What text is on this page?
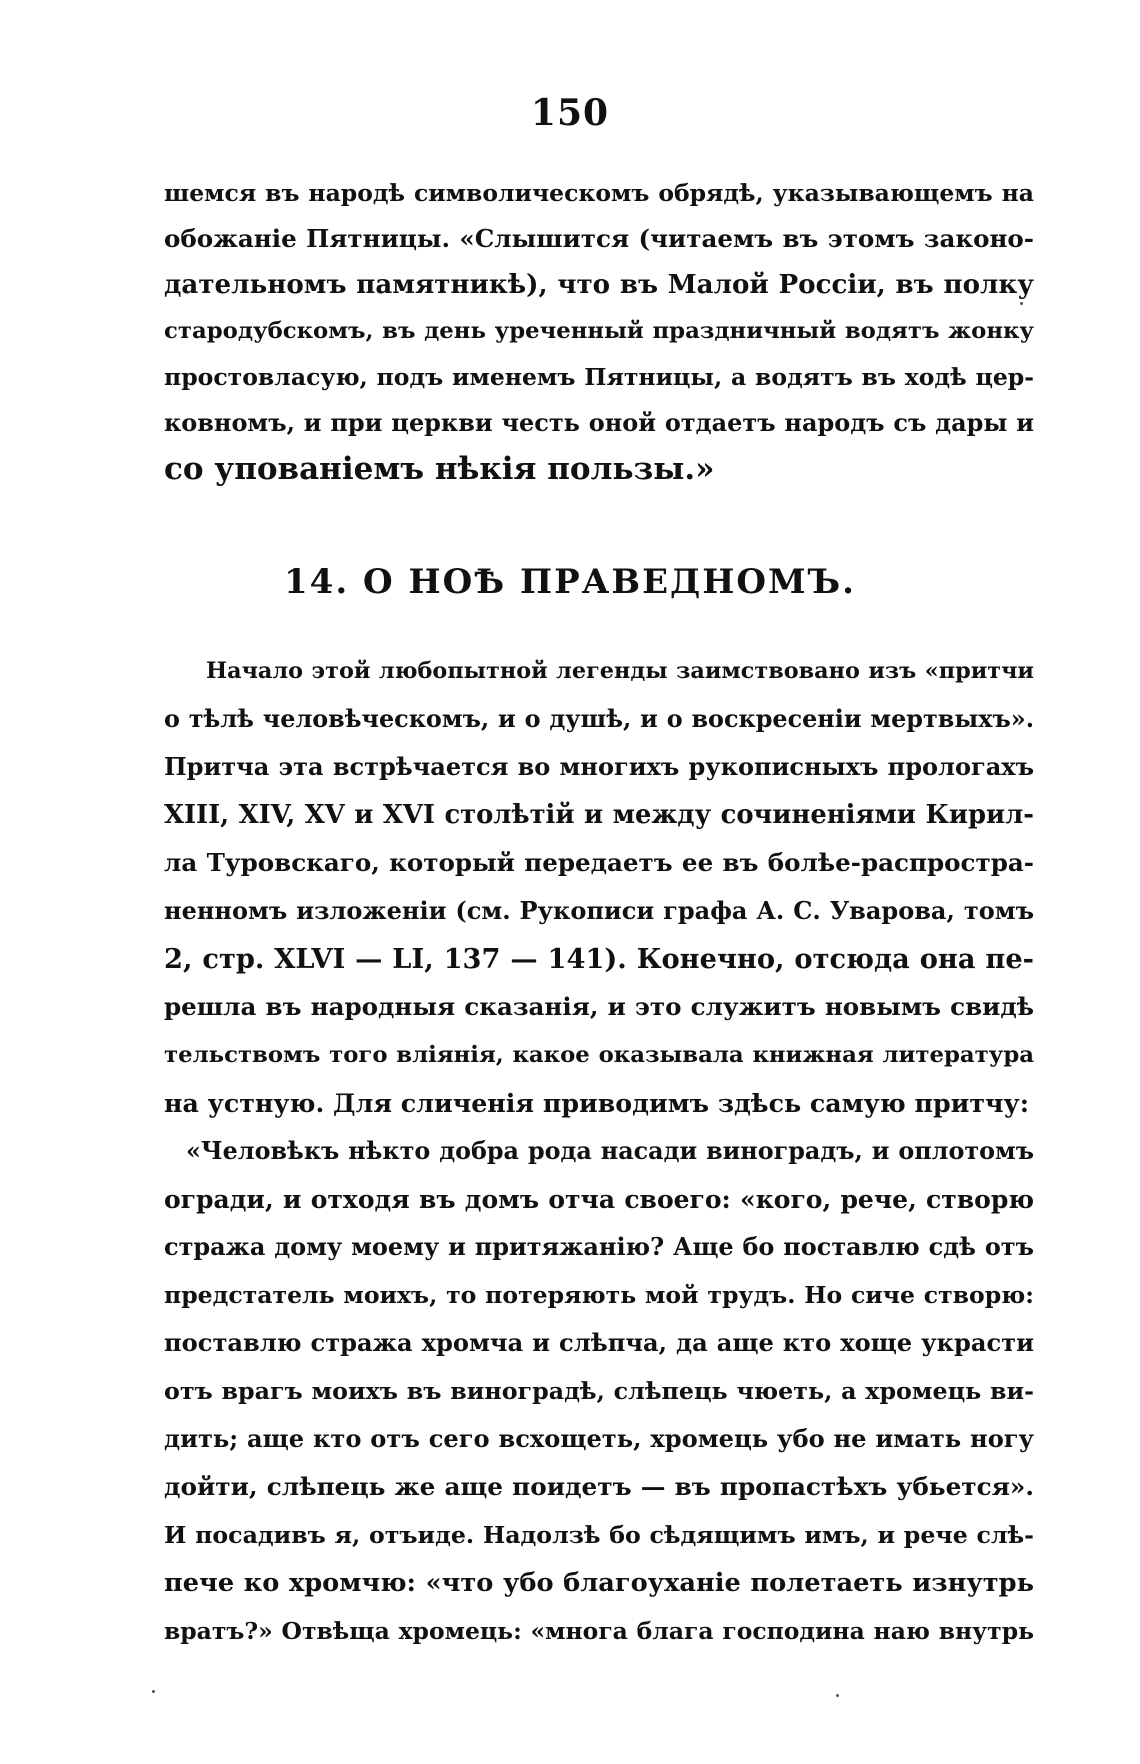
150
шемся въ народѣ символическомъ обрядѣ, указывающемъ на
обожаніе Пятницы. «Слышится (читаемъ въ этомъ законо-
дательномъ памятникѣ), что въ Малой Россіи, въ полку
стародубскомъ, въ день уреченный праздничный водятъ жонку
простовласую, подъ именемъ Пятницы, а водятъ въ ходѣ цер-
ковномъ, и при церкви честь оной отдаетъ народъ съ дары и
со упованіемъ нѣкія пользы.»
14. О НОѢ ПРАВЕДНОМЪ.
Начало этой любопытной легенды заимствовано изъ «притчи
о тѣлѣ человѣческомъ, и о душѣ, и о воскресеніи мертвыхъ».
Притча эта встрѣчается во многихъ рукописныхъ прологахъ
XIII, XIV, XV и XVI столѣтій и между сочиненіями Кирил-
ла Туровскаго, который передаетъ ее въ болѣе-распростра-
ненномъ изложеніи (см. Рукописи графа А. С. Уварова, томъ
2, стр. XLVI — LI, 137 — 141). Конечно, отсюда она пе-
решла въ народныя сказанія, и это служитъ новымъ свидѣ
тельствомъ того вліянія, какое оказывала книжная литература
на устную. Для сличенія приводимъ здѣсь самую притчу:
«Человѣкъ нѣкто добра рода насади виноградъ, и оплотомъ
огради, и отходя въ домъ отча своего: «кого, рече, створю
стража дому моему и притяжанію? Аще бо поставлю сдѣ отъ
предстатель моихъ, то потеряють мой трудъ. Но сиче створю:
поставлю стража хромча и слѣпча, да аще кто хоще украсти
отъ врагъ моихъ въ виноградѣ, слѣпець чюеть, а хромець ви-
дить; аще кто отъ сего всхощеть, хромець убо не имать ногу
дойти, слѣпець же аще поидетъ — въ пропастѣхъ убьется».
И посадивъ я, отъиде. Надолзѣ бо сѣдящимъ имъ, и рече слѣ-
пече ко хромчю: «что убо благоуханіе полетаеть изнутрь
вратъ?» Отвѣща хромець: «многа блага господина наю внутрь
